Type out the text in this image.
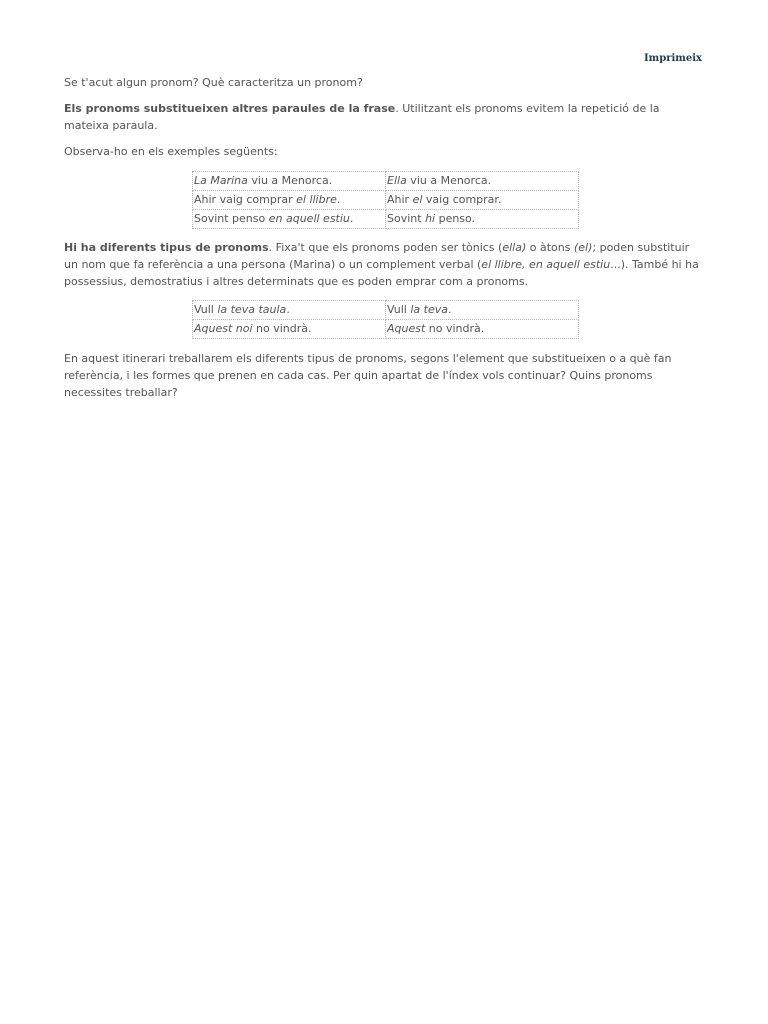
Imprimeix

Se t'acut algun pronom? Què caracteritza un pronom?

Els pronoms substitueixen altres paraules de la frase. Utilitzant els pronoms evitem la repetició de la mateixa paraula.

Observa-ho en els exemples següents:

La Marina viu a Menorca.	Ella viu a Menorca.
Ahir vaig comprar el llibre.	Ahir el vaig comprar.
Sovint penso en aquell estiu.	Sovint hi penso.

Hi ha diferents tipus de pronoms. Fixa't que els pronoms poden ser tònics (ella) o àtons (el); poden substituir un nom que fa referència a una persona (Marina) o un complement verbal (el llibre, en aquell estiu...). També hi ha possessius, demostratius i altres determinats que es poden emprar com a pronoms.

Vull la teva taula.	Vull la teva.
Aquest noi no vindrà.	Aquest no vindrà.

En aquest itinerari treballarem els diferents tipus de pronoms, segons l'element que substitueixen o a què fan referència, i les formes que prenen en cada cas. Per quin apartat de l'índex vols continuar? Quins pronoms necessites treballar?
